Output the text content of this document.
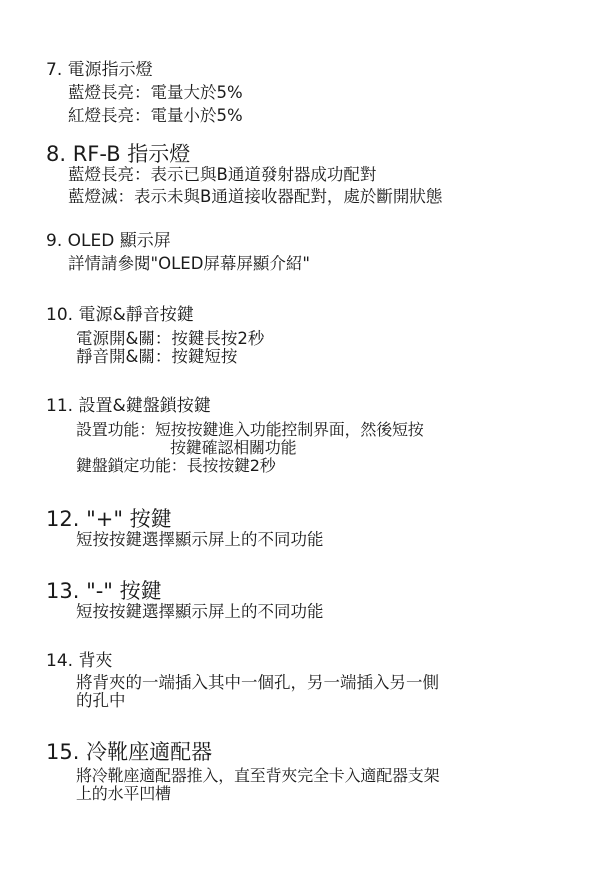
7. 電源指示燈
藍燈長亮：電量大於5%
紅燈長亮：電量小於5%
8. RF-B 指示燈
藍燈長亮：表示已與B通道發射器成功配對
藍燈滅：表示未與B通道接收器配對，處於斷開狀態
9. OLED 顯示屏
詳情請參閱"OLED屏幕屏顯介紹"
10. 電源&靜音按鍵
電源開&關：按鍵長按2秒
靜音開&關：按鍵短按
11. 設置&鍵盤鎖按鍵
設置功能：短按按鍵進入功能控制界面，然後短按
按鍵確認相關功能
鍵盤鎖定功能：長按按鍵2秒
12. "+" 按鍵
短按按鍵選擇顯示屏上的不同功能
13. "-" 按鍵
短按按鍵選擇顯示屏上的不同功能
14. 背夾
將背夾的一端插入其中一個孔，另一端插入另一側
的孔中
15. 冷靴座適配器
將冷靴座適配器推入，直至背夾完全卡入適配器支架
上的水平凹槽
